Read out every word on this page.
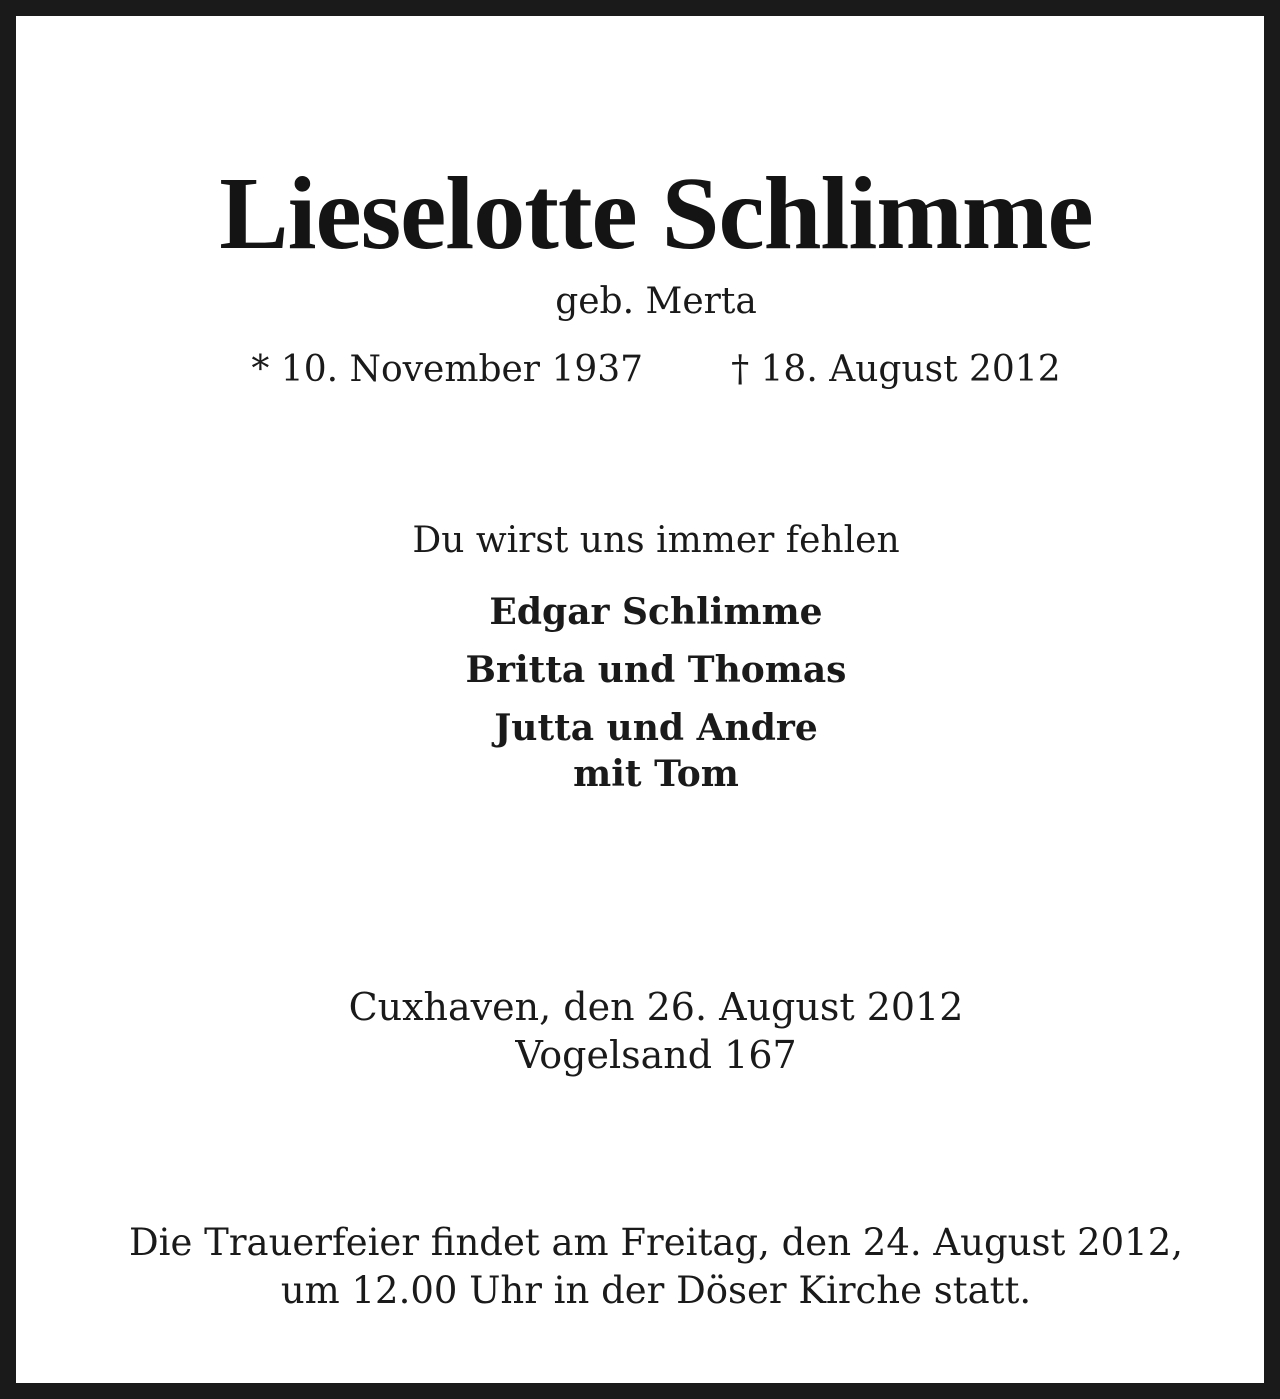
Lieselotte Schlimme

geb. Merta

* 10. November 1937 † 18. August 2012

Du wirst uns immer fehlen

Edgar Schlimme

Britta und Thomas

Jutta und Andre

mit Tom

Cuxhaven, den 26. August 2012

Vogelsand 167

Die Trauerfeier findet am Freitag, den 24. August 2012,

um 12.00 Uhr in der Döser Kirche statt.
